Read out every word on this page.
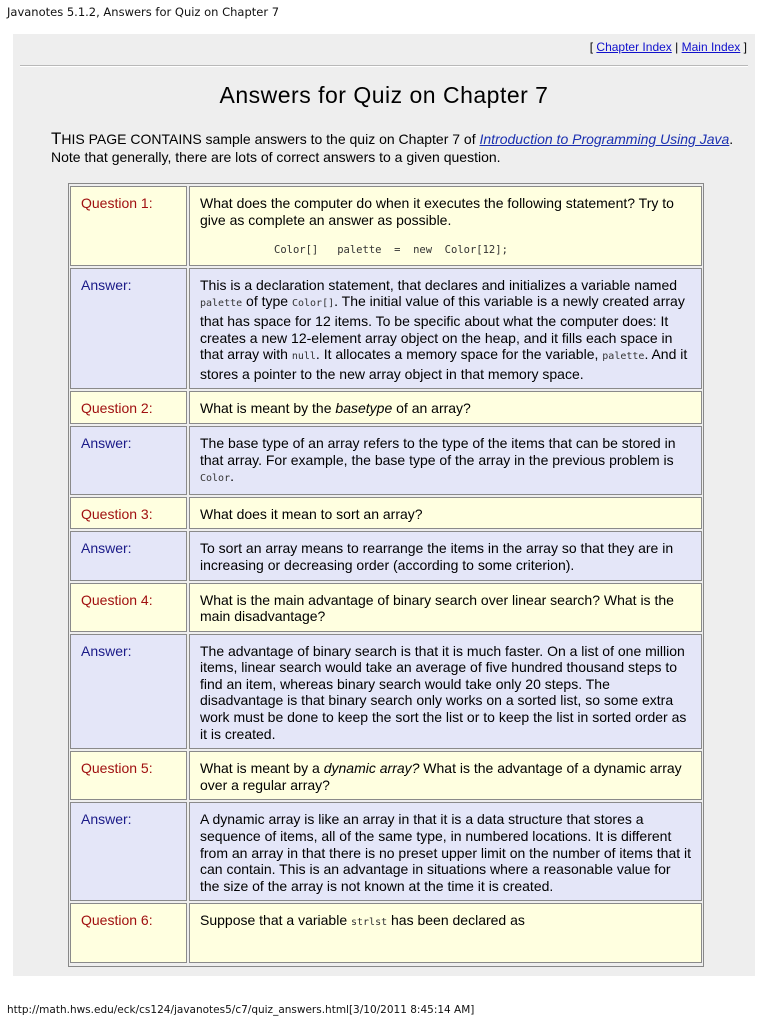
Javanotes 5.1.2, Answers for Quiz on Chapter 7
[ Chapter Index | Main Index ]
Answers for Quiz on Chapter 7
THIS PAGE CONTAINS sample answers to the quiz on Chapter 7 of Introduction to Programming Using Java. Note that generally, there are lots of correct answers to a given question.
Question 1:	What does the computer do when it executes the following statement? Try to give as complete an answer as possible.
Color[]   palette  =  new  Color[12];
Answer:	This is a declaration statement, that declares and initializes a variable named palette of type Color[]. The initial value of this variable is a newly created array that has space for 12 items. To be specific about what the computer does: It creates a new 12-element array object on the heap, and it fills each space in that array with null. It allocates a memory space for the variable, palette. And it stores a pointer to the new array object in that memory space.
Question 2:	What is meant by the basetype of an array?
Answer:	The base type of an array refers to the type of the items that can be stored in that array. For example, the base type of the array in the previous problem is Color.
Question 3:	What does it mean to sort an array?
Answer:	To sort an array means to rearrange the items in the array so that they are in increasing or decreasing order (according to some criterion).
Question 4:	What is the main advantage of binary search over linear search? What is the main disadvantage?
Answer:	The advantage of binary search is that it is much faster. On a list of one million items, linear search would take an average of five hundred thousand steps to find an item, whereas binary search would take only 20 steps. The disadvantage is that binary search only works on a sorted list, so some extra work must be done to keep the sort the list or to keep the list in sorted order as it is created.
Question 5:	What is meant by a dynamic array? What is the advantage of a dynamic array over a regular array?
Answer:	A dynamic array is like an array in that it is a data structure that stores a sequence of items, all of the same type, in numbered locations. It is different from an array in that there is no preset upper limit on the number of items that it can contain. This is an advantage in situations where a reasonable value for the size of the array is not known at the time it is created.
Question 6:	Suppose that a variable strlst has been declared as
http://math.hws.edu/eck/cs124/javanotes5/c7/quiz_answers.html[3/10/2011 8:45:14 AM]
